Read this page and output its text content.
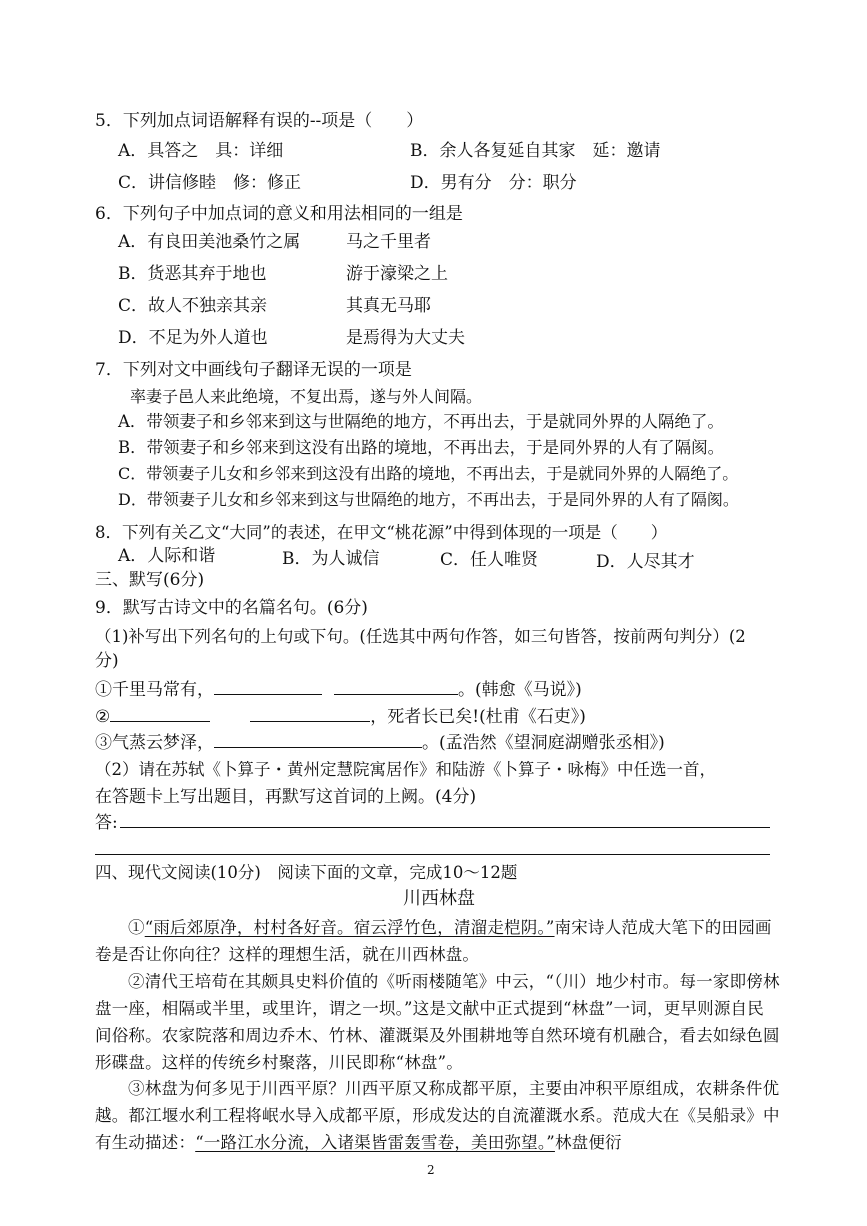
5．下列加点词语解释有误的--项是（　　）
A．具答之　具：详细	B．余人各复延自其家　延：邀请
C．讲信修睦　修：修正	D．男有分　分：职分
6．下列句子中加点词的意义和用法相同的一组是
A．有良田美池桑竹之属	马之千里者
B．货恶其弃于地也	游于濠梁之上
C．故人不独亲其亲	其真无马耶
D．不足为外人道也	是焉得为大丈夫
7．下列对文中画线句子翻译无误的一项是
率妻子邑人来此绝境，不复出焉，遂与外人间隔。
A．带领妻子和乡邻来到这与世隔绝的地方，不再出去，于是就同外界的人隔绝了。
B．带领妻子和乡邻来到这没有出路的境地，不再出去，于是同外界的人有了隔阂。
C．带领妻子儿女和乡邻来到这没有出路的境地，不再出去，于是就同外界的人隔绝了。
D．带领妻子儿女和乡邻来到这与世隔绝的地方，不再出去，于是同外界的人有了隔阂。
8．下列有关乙文“大同”的表述，在甲文“桃花源”中得到体现的一项是（　　）
A．人际和谐	B．为人诚信	C．任人唯贤	D．人尽其才
三、默写(6分)
9．默写古诗文中的名篇名句。(6分)
（1)补写出下列名句的上句或下句。(任选其中两句作答，如三句皆答，按前两句判分）(2
分)
①千里马常有，	。(韩愈《马说》)
②	，死者长已矣!(杜甫《石吏》)
③气蒸云梦泽，	。(孟浩然《望洞庭湖赠张丞相》)
（2）请在苏轼《卜算子・黄州定慧院寓居作》和陆游《卜算子・咏梅》中任选一首，
在答题卡上写出题目，再默写这首词的上阙。(4分)
答:
四、现代文阅读(10分)　阅读下面的文章，完成10～12题
川西林盘
①“雨后郊原净，村村各好音。宿云浮竹色，清溜走桤阴。”南宋诗人范成大笔下的田园画卷是否让你向往？这样的理想生活，就在川西林盘。
②清代王培荀在其颇具史料价值的《听雨楼随笔》中云，“（川）地少村市。每一家即傍林盘一座，相隔或半里，或里许，谓之一坝。”这是文献中正式提到“林盘”一词，更早则源自民间俗称。农家院落和周边乔木、竹林、灌溉渠及外围耕地等自然环境有机融合，看去如绿色圆形碟盘。这样的传统乡村聚落，川民即称“林盘”。
③林盘为何多见于川西平原？川西平原又称成都平原，主要由冲积平原组成，农耕条件优越。都江堰水利工程将岷水导入成都平原，形成发达的自流灌溉水系。范成大在《吴船录》中有生动描述：“一路江水分流，入诸渠皆雷轰雪卷，美田弥望。”林盘便衍
2
